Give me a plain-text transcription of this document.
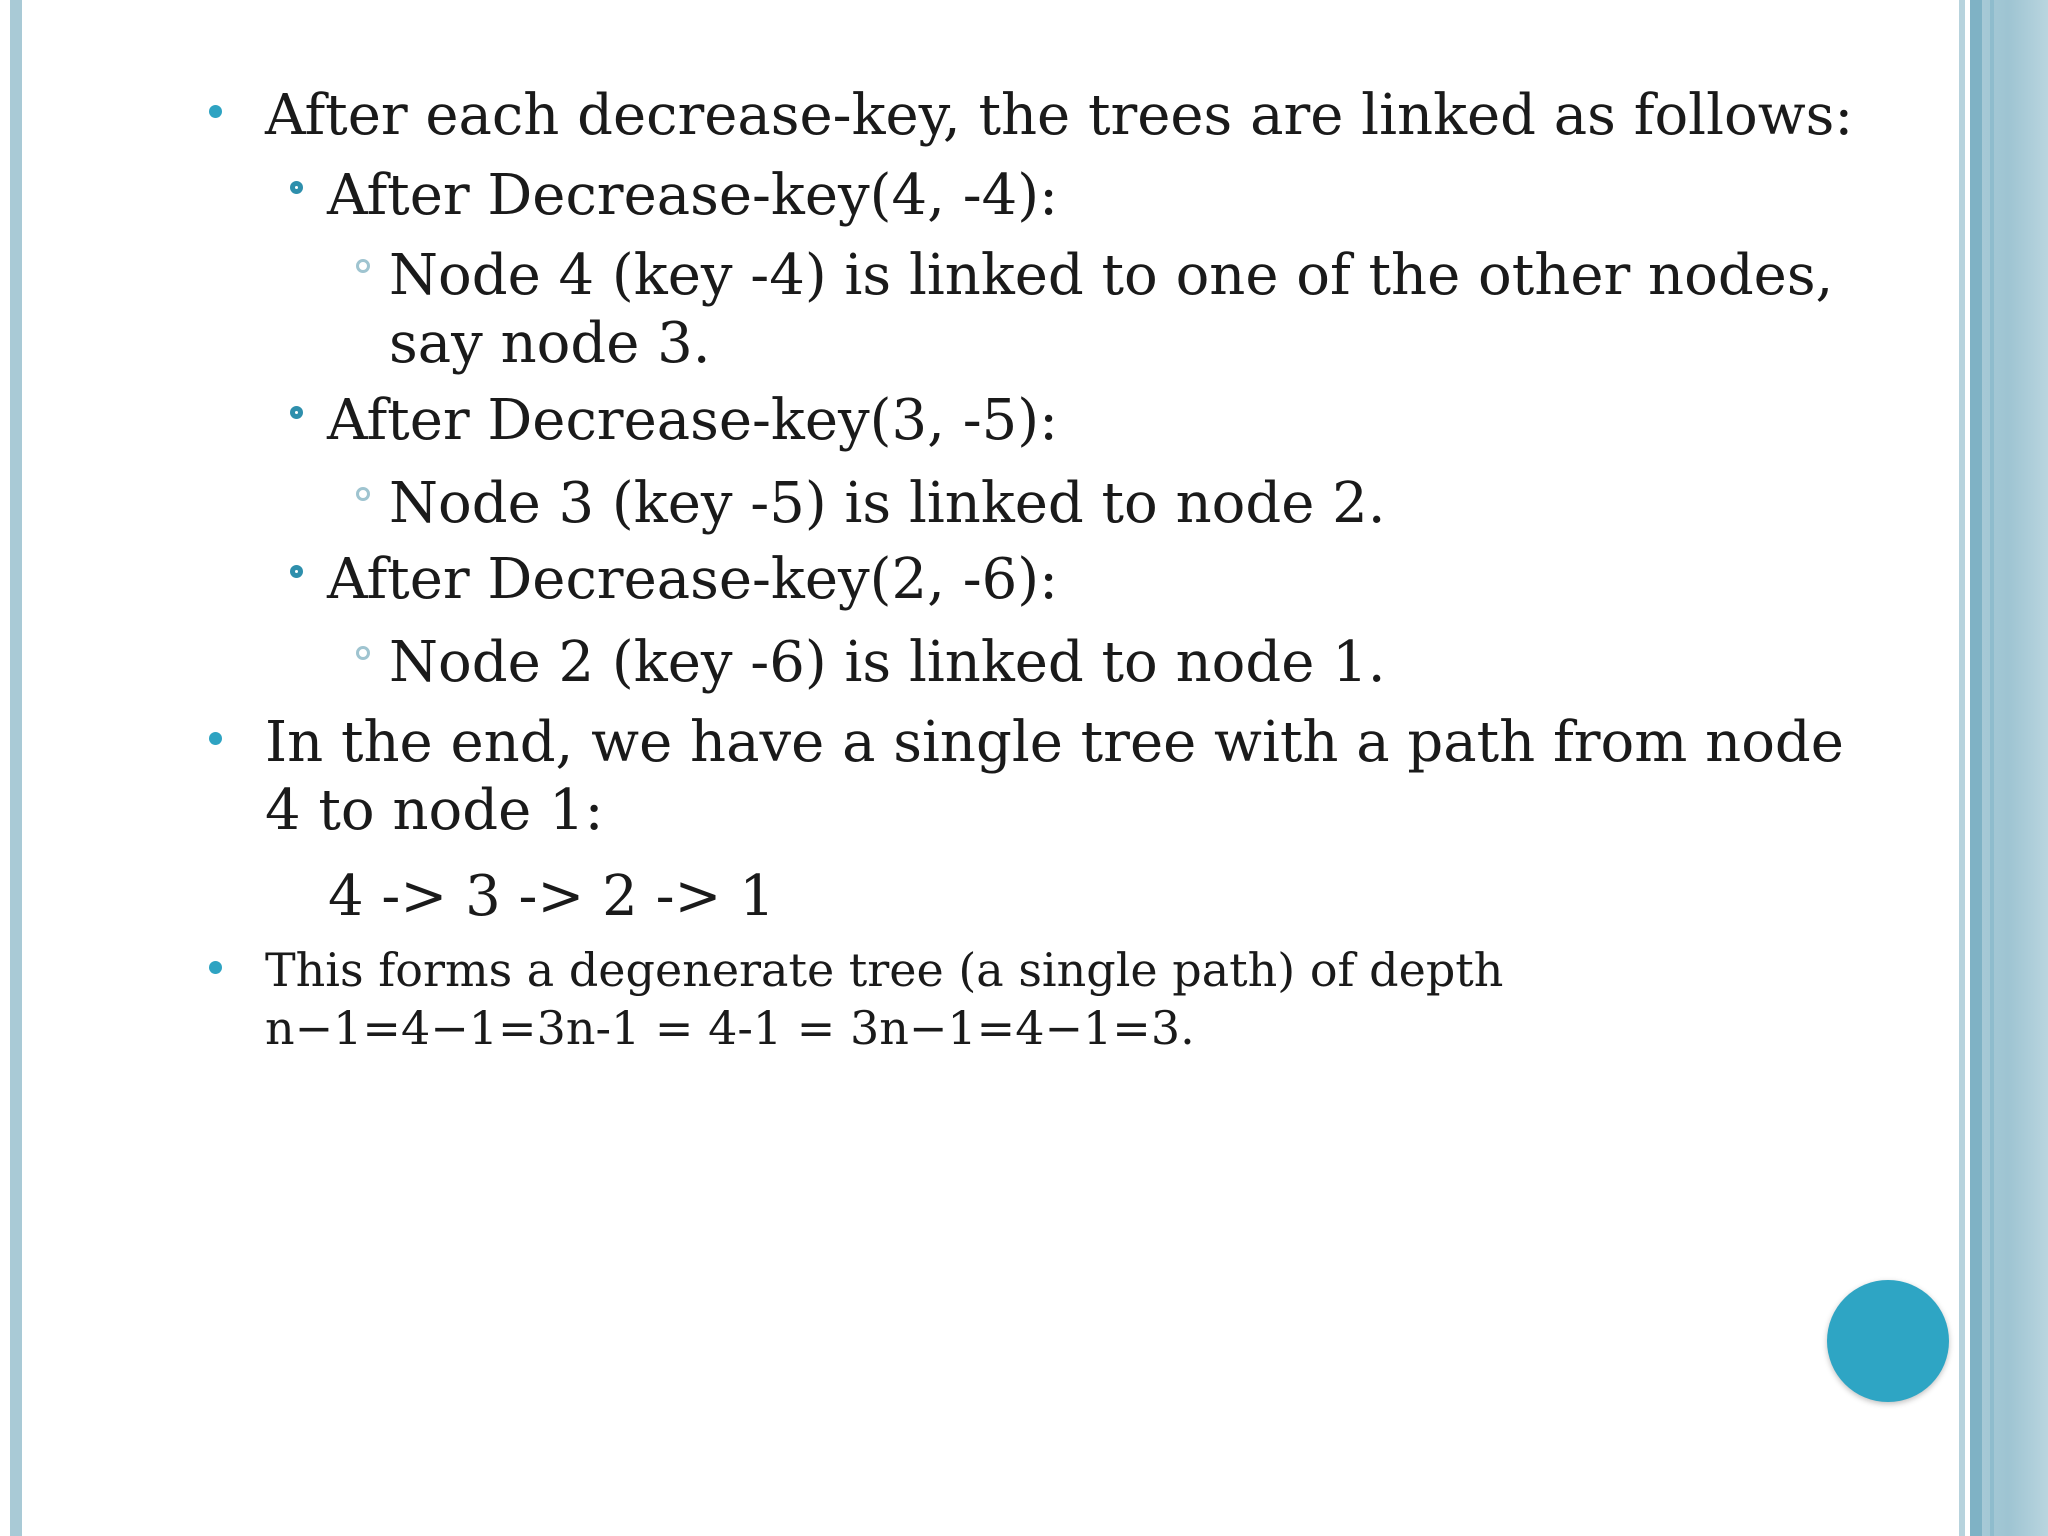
After each decrease-key, the trees are linked as follows:
After Decrease-key(4, -4):
Node 4 (key -4) is linked to one of the other nodes,
say node 3.
After Decrease-key(3, -5):
Node 3 (key -5) is linked to node 2.
After Decrease-key(2, -6):
Node 2 (key -6) is linked to node 1.
In the end, we have a single tree with a path from node
4 to node 1:
4 -> 3 -> 2 -> 1
This forms a degenerate tree (a single path) of depth
n−1=4−1=3n-1 = 4-1 = 3n−1=4−1=3.
